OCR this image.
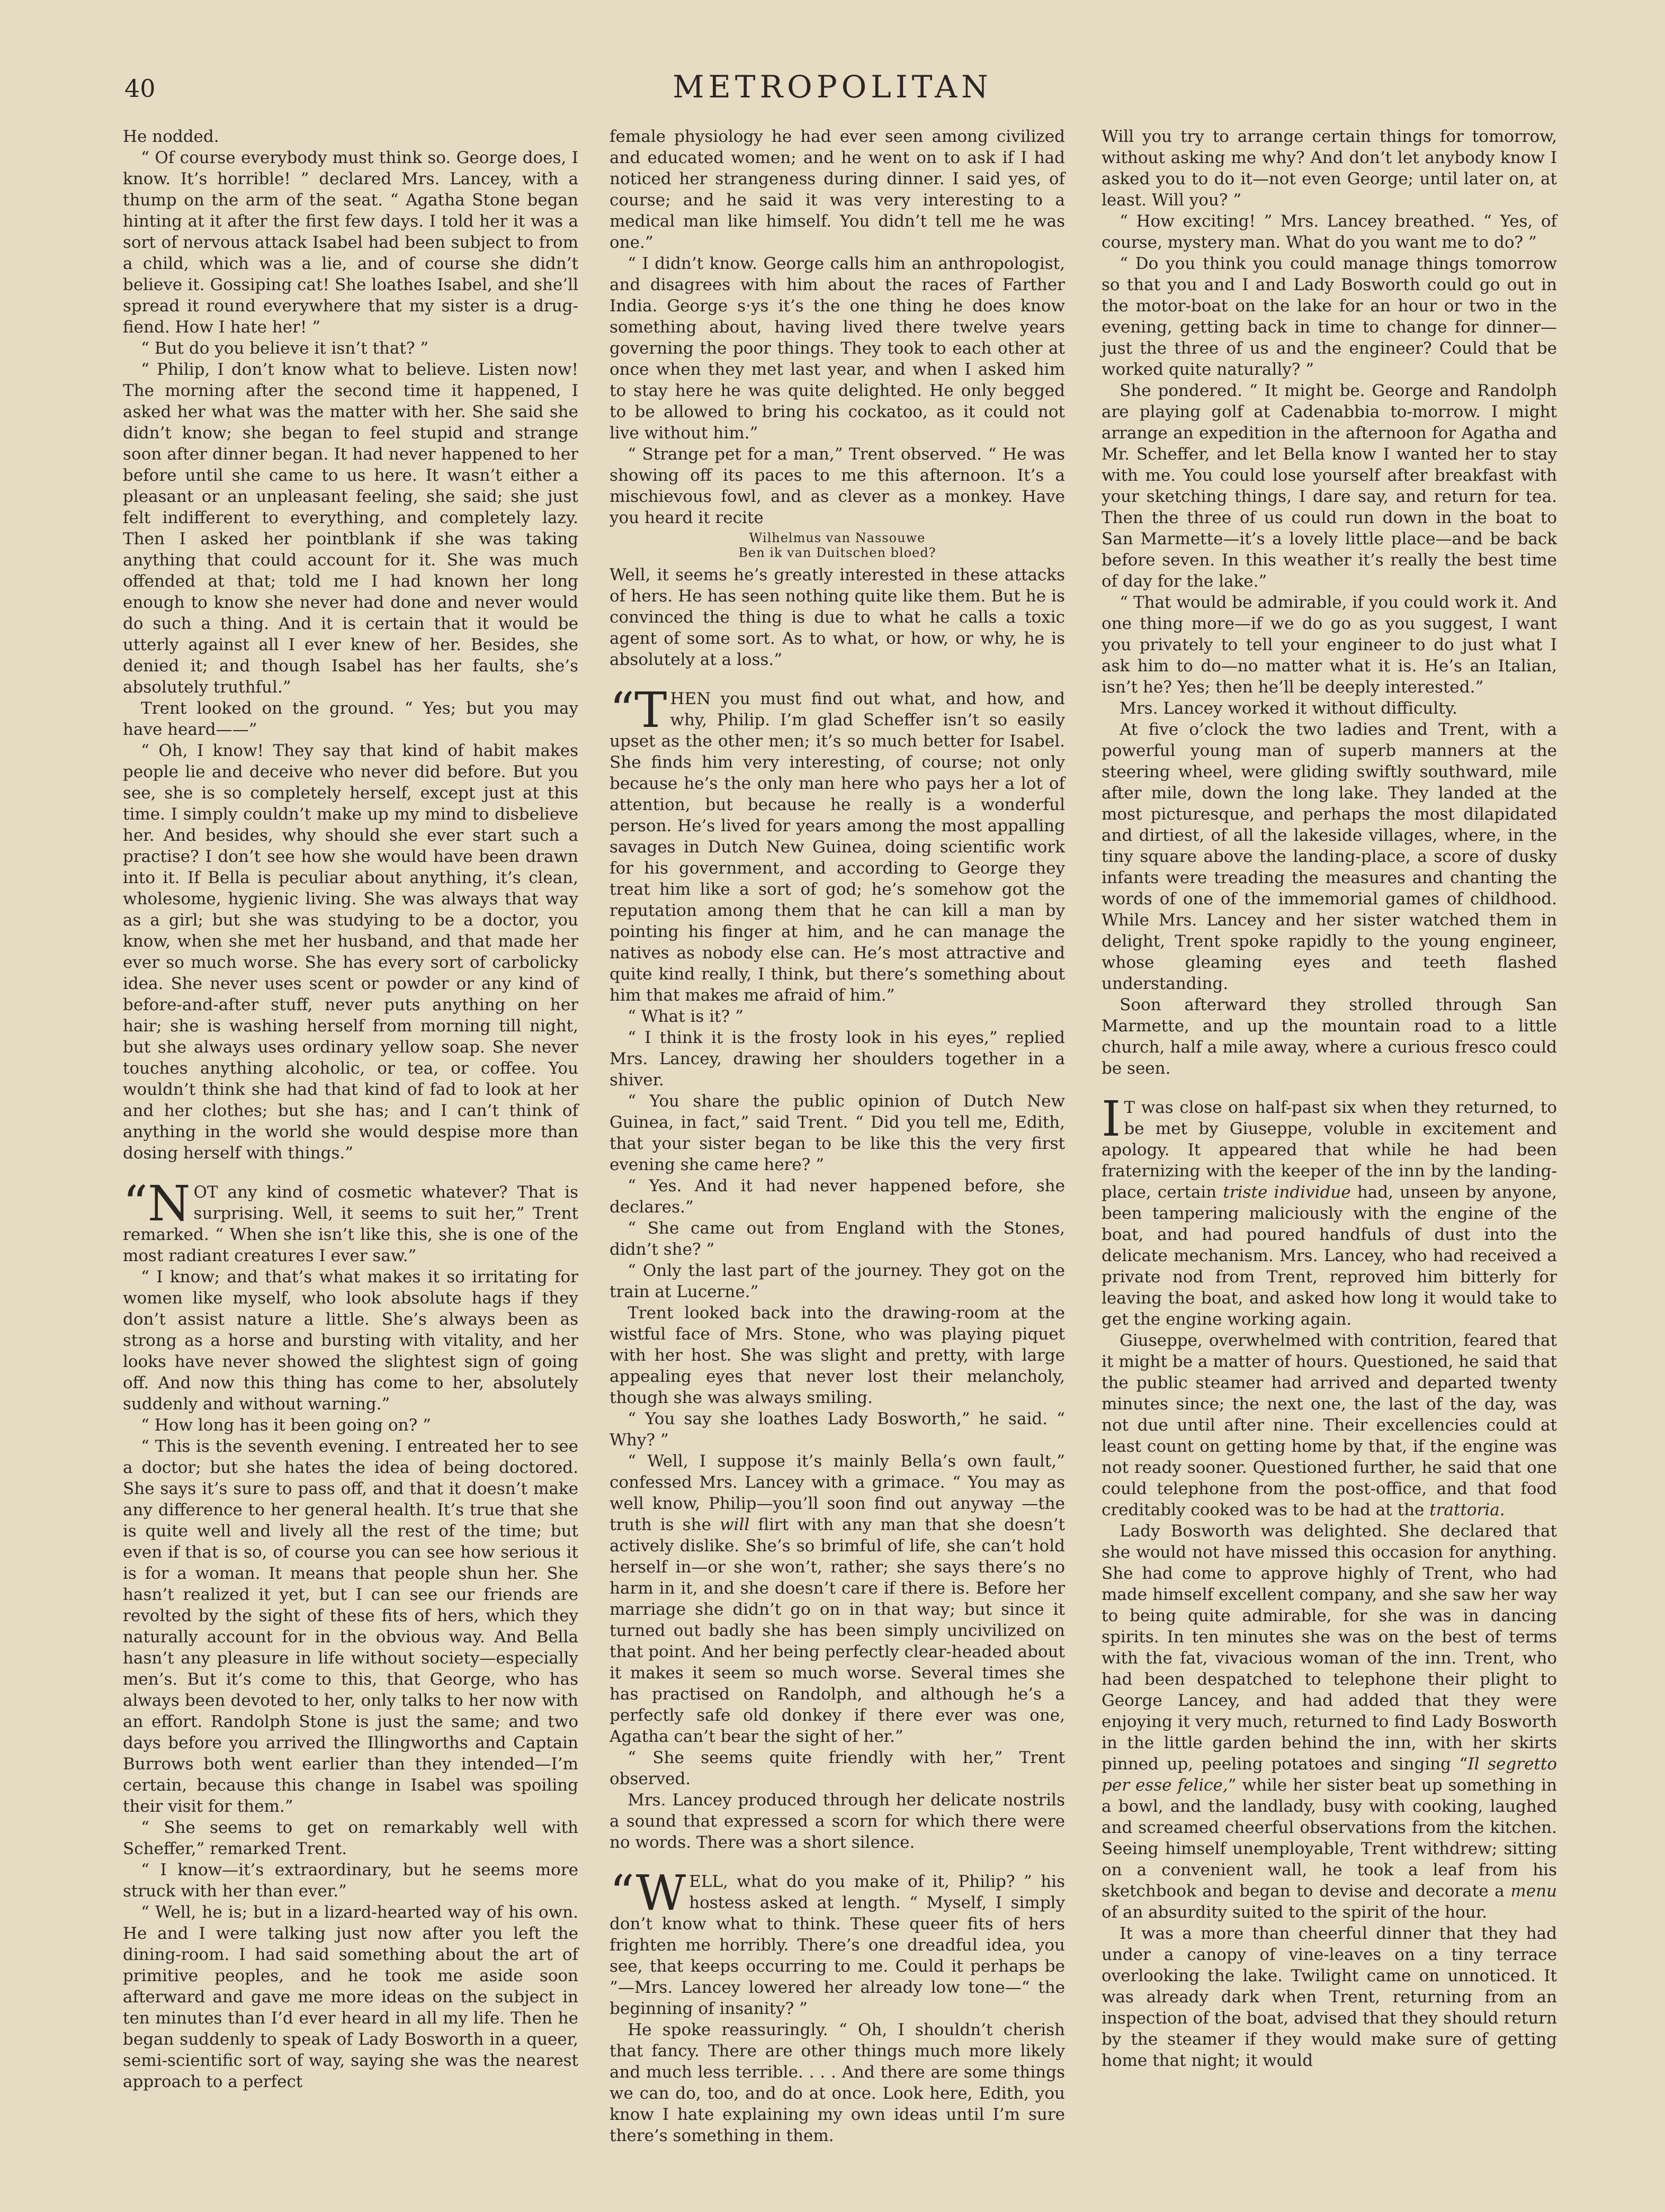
40	METROPOLITAN

He nodded.

“ Of course everybody must think so. George does, I know. It’s horrible! ” declared Mrs. Lancey, with a thump on the arm of the seat. “ Agatha Stone began hinting at it after the first few days. I told her it was a sort of nervous attack Isabel had been subject to from a child, which was a lie, and of course she didn’t believe it. Gossiping cat! She loathes Isabel, and she’ll spread it round everywhere that my sister is a drug-fiend. How I hate her! ”

“ But do you believe it isn’t that? ”

“ Philip, I don’t know what to believe. Listen now! The morning after the second time it happened, I asked her what was the matter with her. She said she didn’t know; she began to feel stupid and strange soon after dinner began. It had never happened to her before until she came to us here. It wasn’t either a pleasant or an unpleasant feeling, she said; she just felt indifferent to everything, and completely lazy. Then I asked her pointblank if she was taking anything that could account for it. She was much offended at that; told me I had known her long enough to know she never had done and never would do such a thing. And it is certain that it would be utterly against all I ever knew of her. Besides, she denied it; and though Isabel has her faults, she’s absolutely truthful.”

Trent looked on the ground. “ Yes; but you may have heard——”

“ Oh, I know! They say that kind of habit makes people lie and deceive who never did before. But you see, she is so completely herself, except just at this time. I simply couldn’t make up my mind to disbelieve her. And besides, why should she ever start such a practise? I don’t see how she would have been drawn into it. If Bella is peculiar about anything, it’s clean, wholesome, hygienic living. She was always that way as a girl; but she was studying to be a doctor, you know, when she met her husband, and that made her ever so much worse. She has every sort of carbolicky idea. She never uses scent or powder or any kind of before-and-after stuff, never puts anything on her hair; she is washing herself from morning till night, but she always uses ordinary yellow soap. She never touches anything alcoholic, or tea, or coffee. You wouldn’t think she had that kind of fad to look at her and her clothes; but she has; and I can’t think of anything in the world she would despise more than dosing herself with things.”

“NOT any kind of cosmetic whatever? That is surprising. Well, it seems to suit her,” Trent remarked. “ When she isn’t like this, she is one of the most radiant creatures I ever saw.”

“ I know; and that’s what makes it so irritating for women like myself, who look absolute hags if they don’t assist nature a little. She’s always been as strong as a horse and bursting with vitality, and her looks have never showed the slightest sign of going off. And now this thing has come to her, absolutely suddenly and without warning.”

“ How long has it been going on? ”

“ This is the seventh evening. I entreated her to see a doctor; but she hates the idea of being doctored. She says it’s sure to pass off, and that it doesn’t make any difference to her general health. It’s true that she is quite well and lively all the rest of the time; but even if that is so, of course you can see how serious it is for a woman. It means that people shun her. She hasn’t realized it yet, but I can see our friends are revolted by the sight of these fits of hers, which they naturally account for in the obvious way. And Bella hasn’t any pleasure in life without society—especially men’s. But it’s come to this, that George, who has always been devoted to her, only talks to her now with an effort. Randolph Stone is just the same; and two days before you arrived the Illingworths and Captain Burrows both went earlier than they intended—I’m certain, because this change in Isabel was spoiling their visit for them.”

“ She seems to get on remarkably well with Scheffer,” remarked Trent.

“ I know—it’s extraordinary, but he seems more struck with her than ever.”

“ Well, he is; but in a lizard-hearted way of his own. He and I were talking just now after you left the dining-room. I had said something about the art of primitive peoples, and he took me aside soon afterward and gave me more ideas on the subject in ten minutes than I’d ever heard in all my life. Then he began suddenly to speak of Lady Bosworth in a queer, semi-scientific sort of way, saying she was the nearest approach to a perfect

female physiology he had ever seen among civilized and educated women; and he went on to ask if I had noticed her strangeness during dinner. I said yes, of course; and he said it was very interesting to a medical man like himself. You didn’t tell me he was one.”

“ I didn’t know. George calls him an anthropologist, and disagrees with him about the races of Farther India. George s·ys it’s the one thing he does know something about, having lived there twelve years governing the poor things. They took to each other at once when they met last year, and when I asked him to stay here he was quite delighted. He only begged to be allowed to bring his cockatoo, as it could not live without him.”

“ Strange pet for a man,” Trent observed. “ He was showing off its paces to me this afternoon. It’s a mischievous fowl, and as clever as a monkey. Have you heard it recite

Wilhelmus van Nassouwe
Ben ik van Duitschen bloed?

Well, it seems he’s greatly interested in these attacks of hers. He has seen nothing quite like them. But he is convinced the thing is due to what he calls a toxic agent of some sort. As to what, or how, or why, he is absolutely at a loss.”

“THEN you must find out what, and how, and why, Philip. I’m glad Scheffer isn’t so easily upset as the other men; it’s so much better for Isabel. She finds him very interesting, of course; not only because he’s the only man here who pays her a lot of attention, but because he really is a wonderful person. He’s lived for years among the most appalling savages in Dutch New Guinea, doing scientific work for his government, and according to George they treat him like a sort of god; he’s somehow got the reputation among them that he can kill a man by pointing his finger at him, and he can manage the natives as nobody else can. He’s most attractive and quite kind really, I think, but there’s something about him that makes me afraid of him.”

“ What is it? ”

“ I think it is the frosty look in his eyes,” replied Mrs. Lancey, drawing her shoulders together in a shiver.

“ You share the public opinion of Dutch New Guinea, in fact,” said Trent. “ Did you tell me, Edith, that your sister began to be like this the very first evening she came here? ”

“ Yes. And it had never happened before, she declares.”

“ She came out from England with the Stones, didn’t she? ”

“ Only the last part of the journey. They got on the train at Lucerne.”

Trent looked back into the drawing-room at the wistful face of Mrs. Stone, who was playing piquet with her host. She was slight and pretty, with large appealing eyes that never lost their melancholy, though she was always smiling.

“ You say she loathes Lady Bosworth,” he said. “ Why? ”

“ Well, I suppose it’s mainly Bella’s own fault,” confessed Mrs. Lancey with a grimace. “ You may as well know, Philip—you’ll soon find out anyway —the truth is she will flirt with any man that she doesn’t actively dislike. She’s so brimful of life, she can’t hold herself in—or she won’t, rather; she says there’s no harm in it, and she doesn’t care if there is. Before her marriage she didn’t go on in that way; but since it turned out badly she has been simply uncivilized on that point. And her being perfectly clear-headed about it makes it seem so much worse. Several times she has practised on Randolph, and although he’s a perfectly safe old donkey if there ever was one, Agatha can’t bear the sight of her.”

“ She seems quite friendly with her,” Trent observed.

Mrs. Lancey produced through her delicate nostrils a sound that expressed a scorn for which there were no words. There was a short silence.

“WELL, what do you make of it, Philip? ” his hostess asked at length. “ Myself, I simply don’t know what to think. These queer fits of hers frighten me horribly. There’s one dreadful idea, you see, that keeps occurring to me. Could it perhaps be ”—Mrs. Lancey lowered her already low tone—“ the beginning of insanity? ”

He spoke reassuringly. “ Oh, I shouldn’t cherish that fancy. There are other things much more likely and much less terrible. . . . And there are some things we can do, too, and do at once. Look here, Edith, you know I hate explaining my own ideas until I’m sure there’s something in them.

Will you try to arrange certain things for tomorrow, without asking me why? And don’t let anybody know I asked you to do it—not even George; until later on, at least. Will you? ”

“ How exciting! ” Mrs. Lancey breathed. “ Yes, of course, mystery man. What do you want me to do? ”

“ Do you think you could manage things tomorrow so that you and I and Lady Bosworth could go out in the motor-boat on the lake for an hour or two in the evening, getting back in time to change for dinner—just the three of us and the engineer? Could that be worked quite naturally? ”

She pondered. “ It might be. George and Randolph are playing golf at Cadenabbia to-morrow. I might arrange an expedition in the afternoon for Agatha and Mr. Scheffer, and let Bella know I wanted her to stay with me. You could lose yourself after breakfast with your sketching things, I dare say, and return for tea. Then the three of us could run down in the boat to San Marmette—it’s a lovely little place—and be back before seven. In this weather it’s really the best time of day for the lake.”

“ That would be admirable, if you could work it. And one thing more—if we do go as you suggest, I want you privately to tell your engineer to do just what I ask him to do—no matter what it is. He’s an Italian, isn’t he? Yes; then he’ll be deeply interested.”

Mrs. Lancey worked it without difficulty.

At five o’clock the two ladies and Trent, with a powerful young man of superb manners at the steering wheel, were gliding swiftly southward, mile after mile, down the long lake. They landed at the most picturesque, and perhaps the most dilapidated and dirtiest, of all the lakeside villages, where, in the tiny square above the landing-place, a score of dusky infants were treading the measures and chanting the words of one of the immemorial games of childhood. While Mrs. Lancey and her sister watched them in delight, Trent spoke rapidly to the young engineer, whose gleaming eyes and teeth flashed understanding.

Soon afterward they strolled through San Marmette, and up the mountain road to a little church, half a mile away, where a curious fresco could be seen.

IT was close on half-past six when they returned, to be met by Giuseppe, voluble in excitement and apology. It appeared that while he had been fraternizing with the keeper of the inn by the landing-place, certain triste individue had, unseen by anyone, been tampering maliciously with the engine of the boat, and had poured handfuls of dust into the delicate mechanism. Mrs. Lancey, who had received a private nod from Trent, reproved him bitterly for leaving the boat, and asked how long it would take to get the engine working again.

Giuseppe, overwhelmed with contrition, feared that it might be a matter of hours. Questioned, he said that the public steamer had arrived and departed twenty minutes since; the next one, the last of the day, was not due until after nine. Their excellencies could at least count on getting home by that, if the engine was not ready sooner. Questioned further, he said that one could telephone from the post-office, and that food creditably cooked was to be had at the trattoria.

Lady Bosworth was delighted. She declared that she would not have missed this occasion for anything. She had come to approve highly of Trent, who had made himself excellent company, and she saw her way to being quite admirable, for she was in dancing spirits. In ten minutes she was on the best of terms with the fat, vivacious woman of the inn. Trent, who had been despatched to telephone their plight to George Lancey, and had added that they were enjoying it very much, returned to find Lady Bosworth in the little garden behind the inn, with her skirts pinned up, peeling potatoes and singing “Il segretto per esse felice,” while her sister beat up something in a bowl, and the landlady, busy with cooking, laughed and screamed cheerful observations from the kitchen. Seeing himself unemployable, Trent withdrew; sitting on a convenient wall, he took a leaf from his sketchbook and began to devise and decorate a menu of an absurdity suited to the spirit of the hour.

It was a more than cheerful dinner that they had under a canopy of vine-leaves on a tiny terrace overlooking the lake. Twilight came on unnoticed. It was already dark when Trent, returning from an inspection of the boat, advised that they should return by the steamer if they would make sure of getting home that night; it would
